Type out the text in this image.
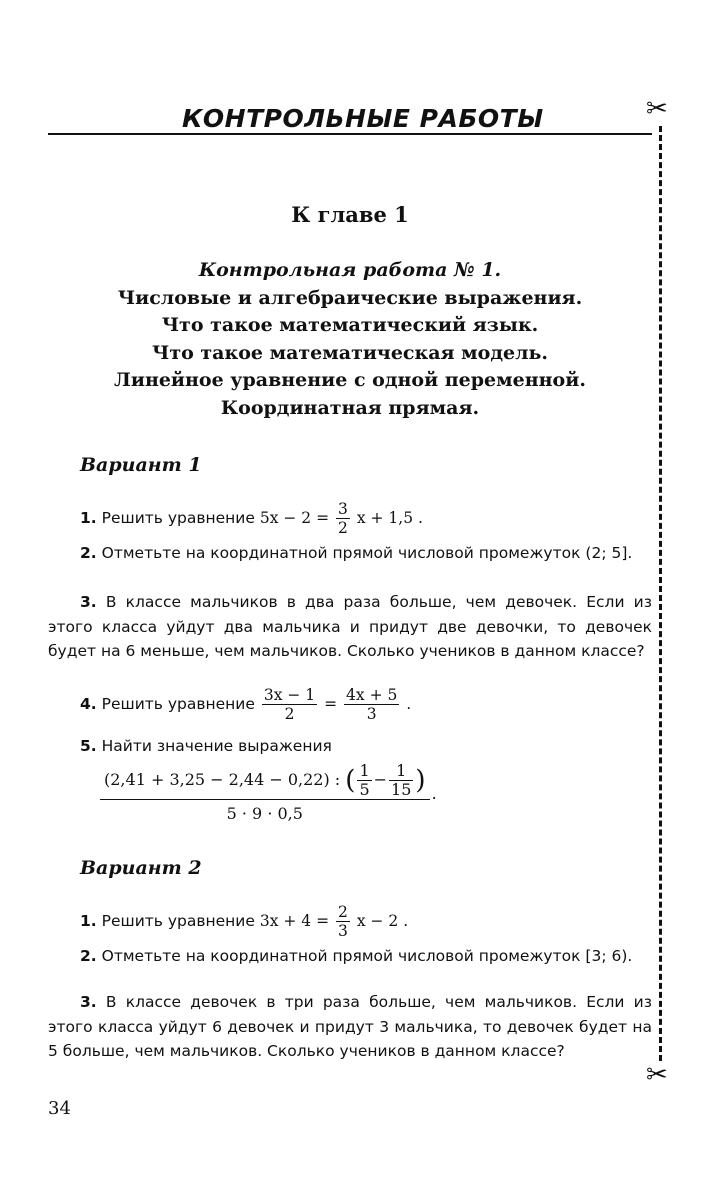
КОНТРОЛЬНЫЕ РАБОТЫ	✂
✂
К главе 1
Контрольная работа № 1.
Числовые и алгебраические выражения.
Что такое математический язык.
Что такое математическая модель.
Линейное уравнение с одной переменной.
Координатная прямая.
Вариант 1
1. Решить уравнение $5x - 2 = \frac{3}{2}$ x + 1,5 .
2. Отметьте на координатной прямой числовой промежуток (2; 5].
3. В классе мальчиков в два раза больше, чем девочек. Если из этого класса уйдут два мальчика и придут две девочки, то девочек будет на 6 меньше, чем мальчиков. Сколько учеников в данном классе?
4. Решить уравнение $\frac{3x - 1}{2} = \frac{4x + 5}{3}$ .
5. Найти значение выражения
(2,41 + 3,25 − 2,44 − 0,22) : ( $\frac{1}{5} - \frac{1}{15}$ )	.
5 · 9 · 0,5
Вариант 2
1. Решить уравнение $3x + 4 = \frac{2}{3}$ x − 2 .
2. Отметьте на координатной прямой числовой промежуток [3; 6).
3. В классе девочек в три раза больше, чем мальчиков. Если из этого класса уйдут 6 девочек и придут 3 мальчика, то девочек будет на 5 больше, чем мальчиков. Сколько учеников в данном классе?
34
